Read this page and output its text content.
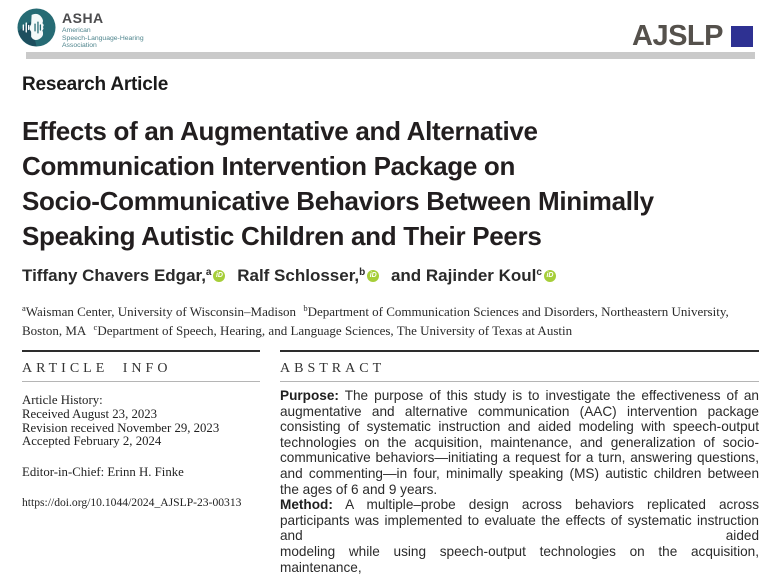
ASHA
American
Speech-Language-Hearing
Association	AJSLP
Research Article
Effects of an Augmentative and Alternative
Communication Intervention Package on
Socio-Communicative Behaviors Between Minimally
Speaking Autistic Children and Their Peers
Tiffany Chavers Edgar,$^a$ iD Ralf Schlosser,$^b$ iD and Rajinder Koul$^c$ iD

$^a$Waisman Center, University of Wisconsin–Madison $^b$Department of Communication Sciences and Disorders, Northeastern University, Boston, MA $^c$Department of Speech, Hearing, and Language Sciences, The University of Texas at Austin

ARTICLE INFO
Article History:
Received August 23, 2023
Revision received November 29, 2023
Accepted February 2, 2024
Editor-in-Chief: Erinn H. Finke
https://doi.org/10.1044/2024_AJSLP-23-00313
ABSTRACT
Purpose: The purpose of this study is to investigate the effectiveness of an augmentative and alternative communication (AAC) intervention package consisting of systematic instruction and aided modeling with speech-output technologies on the acquisition, maintenance, and generalization of socio-communicative behaviors—initiating a request for a turn, answering questions, and commenting—in four, minimally speaking (MS) autistic children between the ages of 6 and 9 years.
Method: A multiple–probe design across behaviors replicated across participants was implemented to evaluate the effects of systematic instruction and aided
modeling while using speech-output technologies on the acquisition, maintenance,
